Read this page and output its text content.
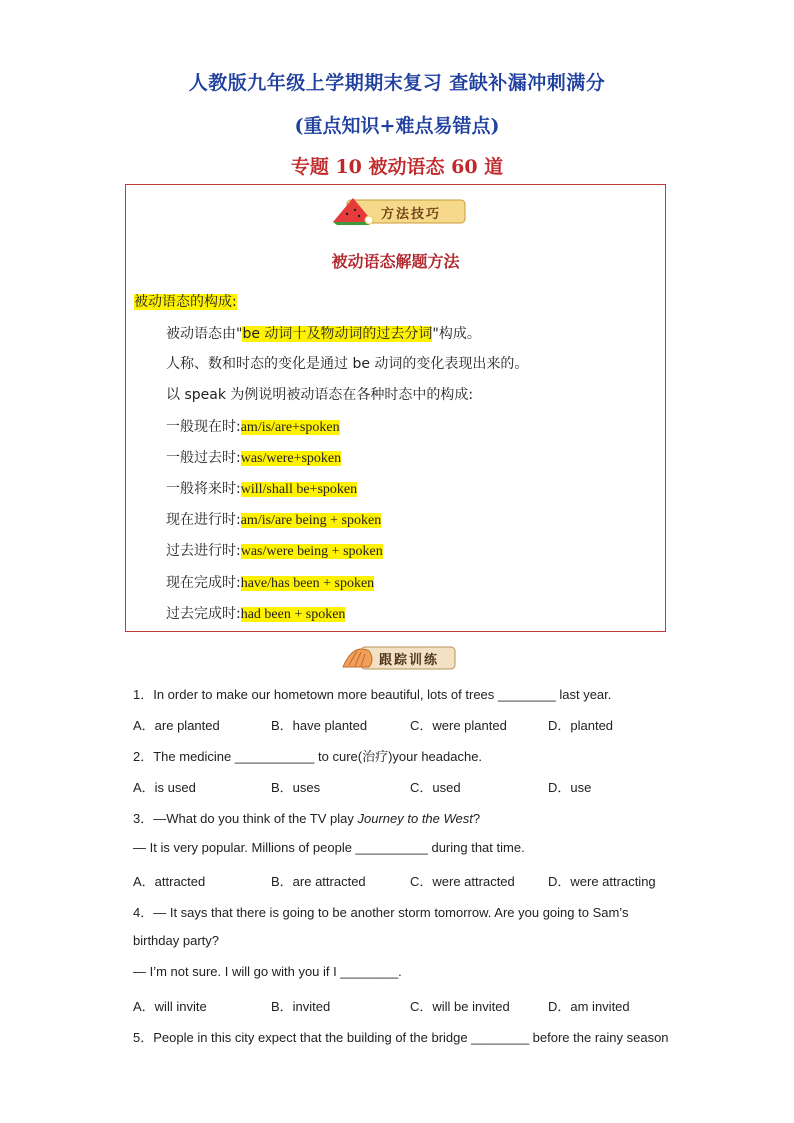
人教版九年级上学期期末复习 查缺补漏冲刺满分
(重点知识+难点易错点)
专题 10 被动语态 60 道
方法技巧
被动语态解题方法
被动语态的构成:
被动语态由"be 动词十及物动词的过去分词"构成。
人称、数和时态的变化是通过 be 动词的变化表现出来的。
以 speak 为例说明被动语态在各种时态中的构成:
一般现在时:am/is/are+spoken
一般过去时:was/were+spoken
一般将来时:will/shall be+spoken
现在进行时:am/is/are being + spoken
过去进行时:was/were being + spoken
现在完成时:have/has been + spoken
过去完成时:had been + spoken
跟踪训练
1．In order to make our hometown more beautiful, lots of trees ________ last year.
A．are planted	B．have planted	C．were planted	D．planted
2．The medicine ___________ to cure(治疗)your headache.
A．is used	B．uses	C．used	D．use
3．—What do you think of the TV play Journey to the West?
— It is very popular. Millions of people __________ during that time.
A．attracted	B．are attracted	C．were attracted	D．were attracting
4．— It says that there is going to be another storm tomorrow. Are you going to Sam’s
birthday party?
— I’m not sure. I will go with you if I ________.
A．will invite	B．invited	C．will be invited	D．am invited
5．People in this city expect that the building of the bridge ________ before the rainy season
